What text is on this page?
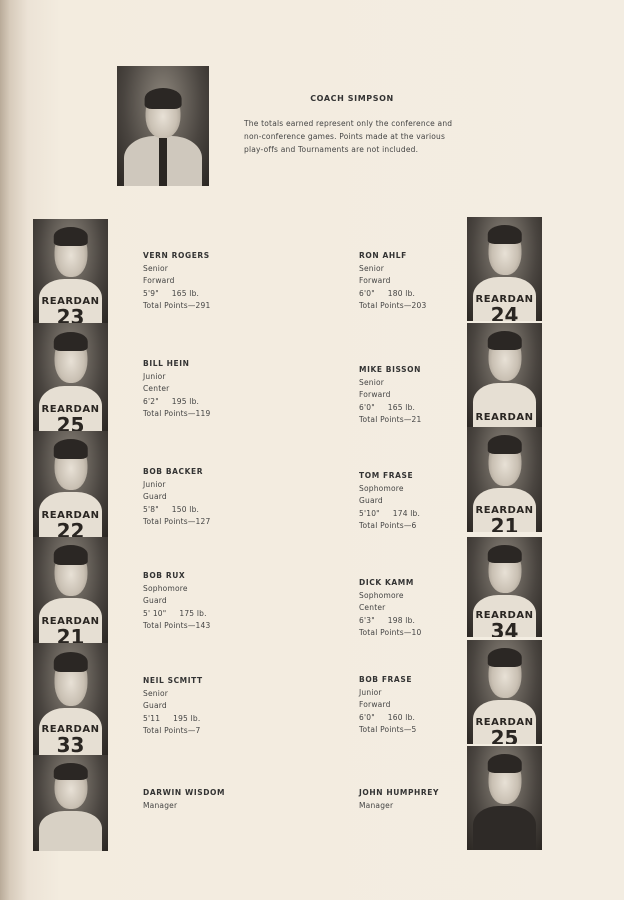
COACH SIMPSON
The totals earned represent only the conference and non-conference games. Points made at the various play-offs and Tournaments are not included.
REARDAN
23
REARDAN
25
REARDAN
22
REARDAN
21
REARDAN
33
REARDAN
24
REARDAN
REARDAN
21
REARDAN
34
REARDAN
25
VERN ROGERS
Senior
Forward
5'9" 165 lb.
Total Points—291
BILL HEIN
Junior
Center
6'2" 195 lb.
Total Points—119
BOB BACKER
Junior
Guard
5'8" 150 lb.
Total Points—127
BOB RUX
Sophomore
Guard
5' 10" 175 lb.
Total Points—143
NEIL SCMITT
Senior
Guard
5'11 195 lb.
Total Points—7
DARWIN WISDOM
Manager
RON AHLF
Senior
Forward
6'0" 180 lb.
Total Points—203
MIKE BISSON
Senior
Forward
6'0" 165 lb.
Total Points—21
TOM FRASE
Sophomore
Guard
5'10" 174 lb.
Total Points—6
DICK KAMM
Sophomore
Center
6'3" 198 lb.
Total Points—10
BOB FRASE
Junior
Forward
6'0" 160 lb.
Total Points—5
JOHN HUMPHREY
Manager
